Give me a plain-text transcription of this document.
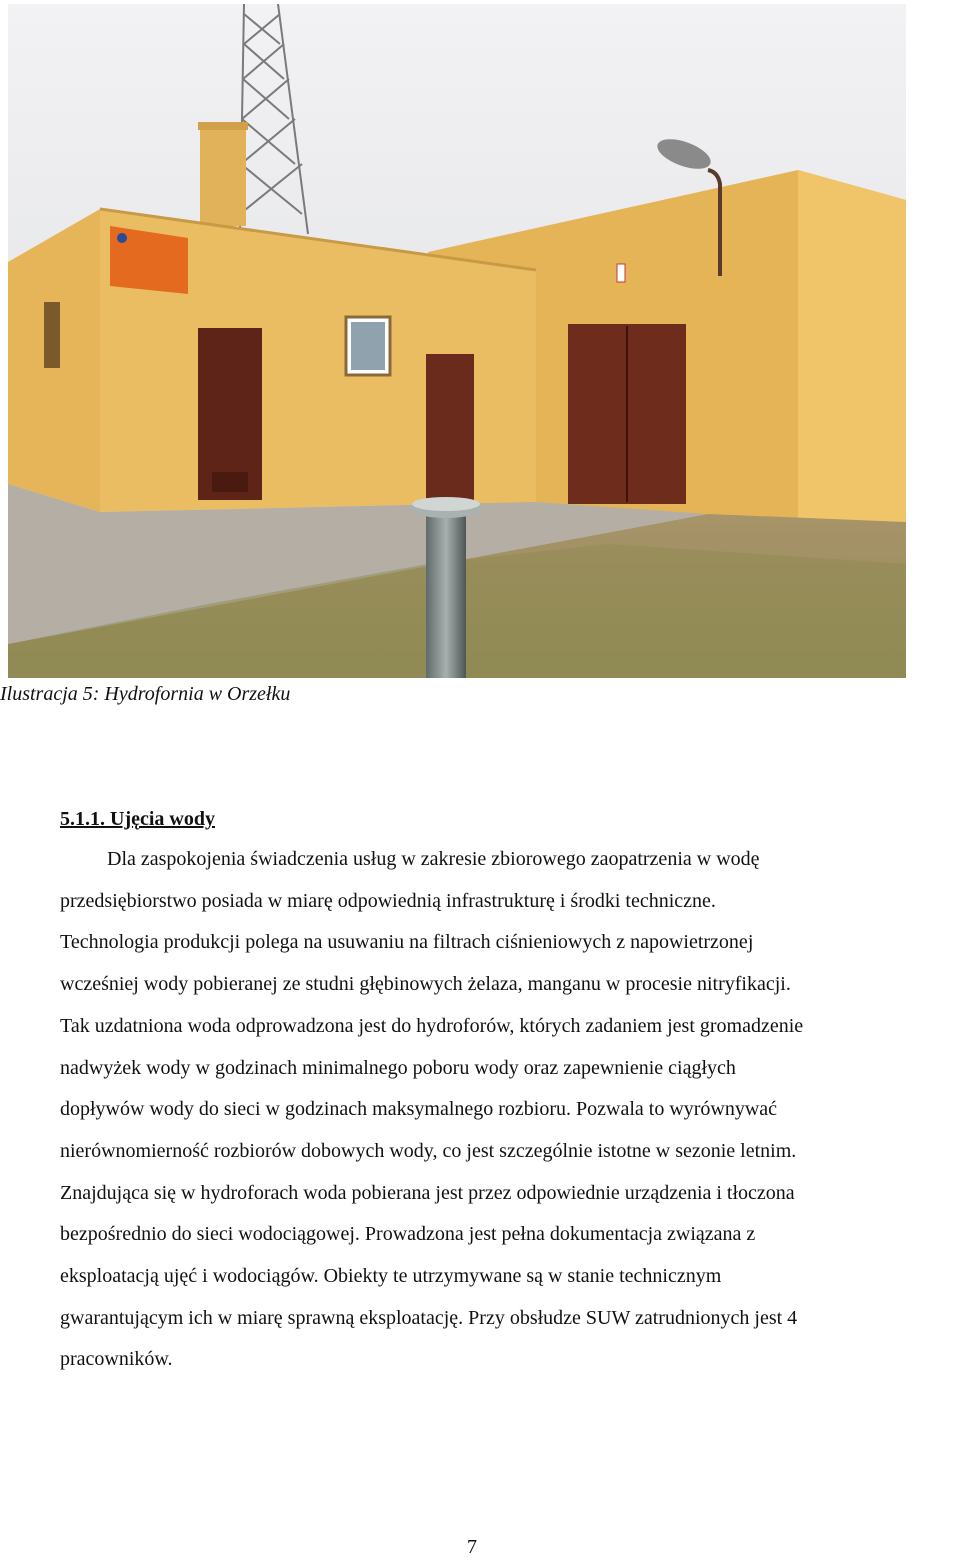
Ilustracja 5: Hydrofornia w Orzełku
5.1.1. Ujęcia wody
Dla zaspokojenia świadczenia usług w zakresie zbiorowego zaopatrzenia w wodę
przedsiębiorstwo posiada w miarę odpowiednią infrastrukturę i środki techniczne.
Technologia produkcji polega na usuwaniu na filtrach ciśnieniowych z napowietrzonej
wcześniej wody pobieranej ze studni głębinowych żelaza, manganu w procesie nitryfikacji.
Tak uzdatniona woda odprowadzona jest do hydroforów, których zadaniem jest gromadzenie
nadwyżek wody w godzinach minimalnego poboru wody oraz zapewnienie ciągłych
dopływów wody do sieci w godzinach maksymalnego rozbioru. Pozwala to wyrównywać
nierównomierność rozbiorów dobowych wody, co jest szczególnie istotne w sezonie letnim.
Znajdująca się w hydroforach woda pobierana jest przez odpowiednie urządzenia i tłoczona
bezpośrednio do sieci wodociągowej. Prowadzona jest pełna dokumentacja związana z
eksploatacją ujęć i wodociągów. Obiekty te utrzymywane są w stanie technicznym
gwarantującym ich w miarę sprawną eksploatację. Przy obsłudze SUW zatrudnionych jest 4
pracowników.
7
